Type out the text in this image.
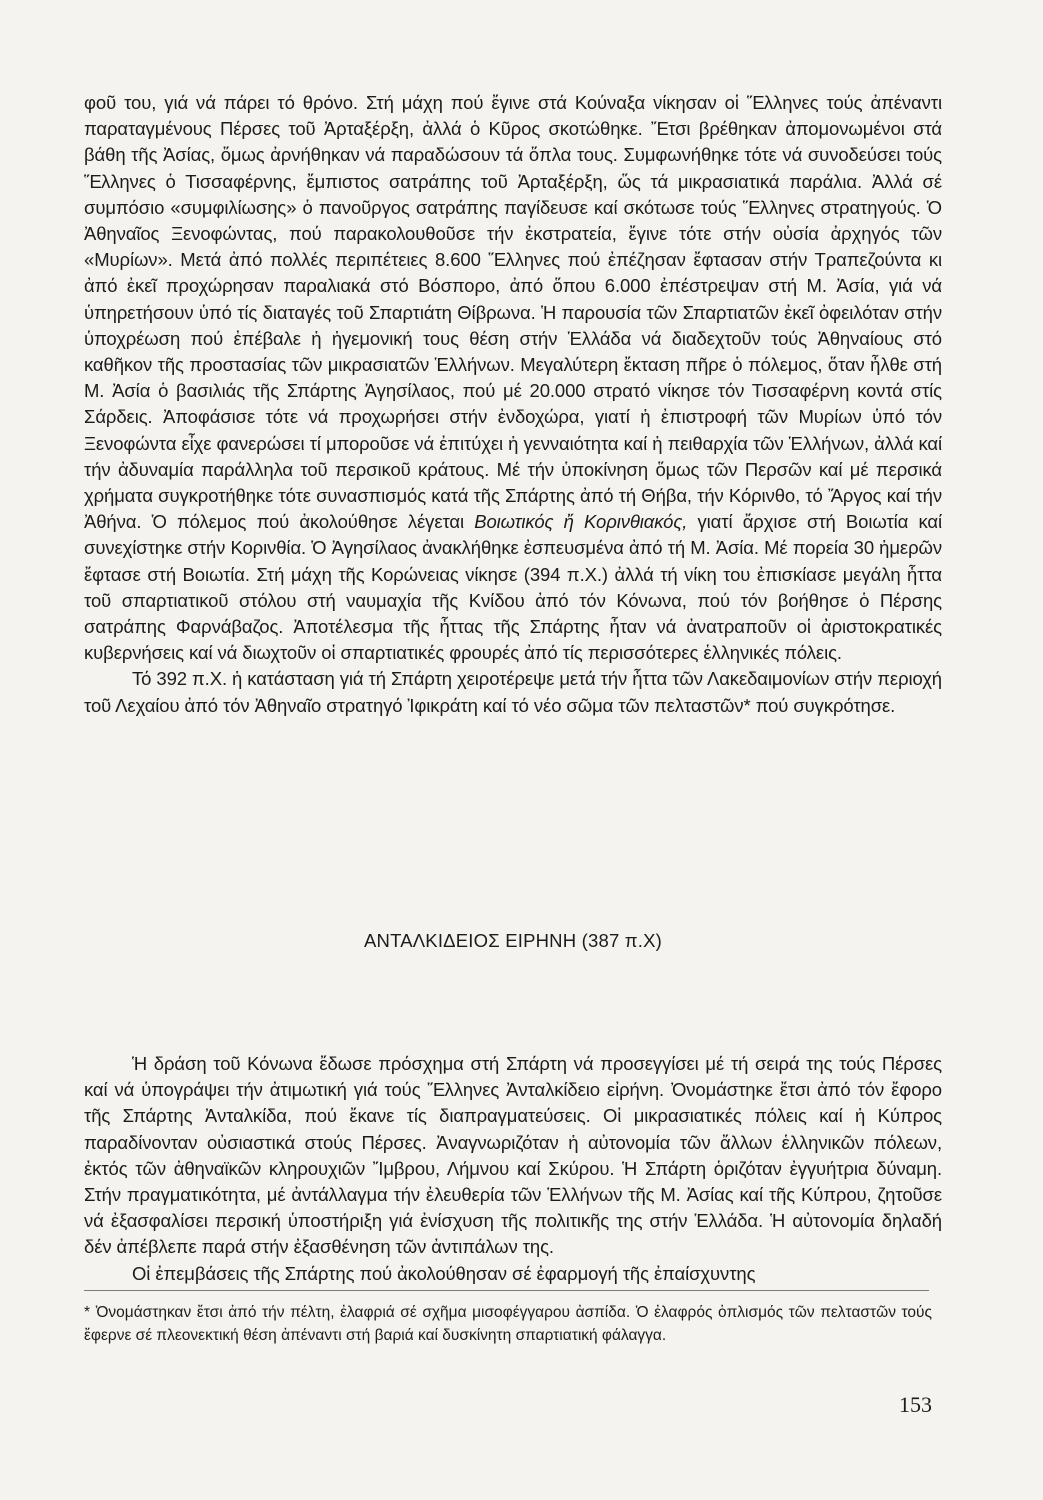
φοῦ του, γιά νά πάρει τό θρόνο. Στή μάχη πού ἔγινε στά Κούναξα νίκησαν οἱ Ἕλληνες τούς ἀπέναντι παραταγμένους Πέρσες τοῦ Ἀρταξέρξη, ἀλλά ὁ Κῦρος σκοτώθηκε. Ἔτσι βρέθηκαν ἀπομονωμένοι στά βάθη τῆς Ἀσίας, ὅμως ἀρνήθηκαν νά παραδώσουν τά ὅπλα τους. Συμφωνήθηκε τότε νά συνοδεύσει τούς Ἕλληνες ὁ Τισσαφέρνης, ἔμπιστος σατράπης τοῦ Ἀρταξέρξη, ὥς τά μικρασιατικά παράλια. Ἀλλά σέ συμπόσιο «συμφιλίωσης» ὁ πανοῦργος σατράπης παγίδευσε καί σκότωσε τούς Ἕλληνες στρατηγούς. Ὁ Ἀθηναῖος Ξενοφώντας, πού παρακολουθοῦσε τήν ἐκστρατεία, ἔγινε τότε στήν οὐσία ἀρχηγός τῶν «Μυρίων». Μετά ἀπό πολλές περιπέτειες 8.600 Ἕλληνες πού ἐπέζησαν ἔφτασαν στήν Τραπεζούντα κι ἀπό ἐκεῖ προχώρησαν παραλιακά στό Βόσπορο, ἀπό ὅπου 6.000 ἐπέστρεψαν στή Μ. Ἀσία, γιά νά ὑπηρετήσουν ὑπό τίς διαταγές τοῦ Σπαρτιάτη Θίβρωνα. Ἡ παρουσία τῶν Σπαρτιατῶν ἐκεῖ ὀφειλόταν στήν ὑποχρέωση πού ἐπέβαλε ἡ ἡγεμονική τους θέση στήν Ἑλλάδα νά διαδεχτοῦν τούς Ἀθηναίους στό καθῆκον τῆς προστασίας τῶν μικρασιατῶν Ἑλλήνων. Μεγαλύτερη ἔκταση πῆρε ὁ πόλεμος, ὅταν ἦλθε στή Μ. Ἀσία ὁ βασιλιάς τῆς Σπάρτης Ἀγησίλαος, πού μέ 20.000 στρατό νίκησε τόν Τισσαφέρνη κοντά στίς Σάρδεις. Ἀποφάσισε τότε νά προχωρήσει στήν ἐνδοχώρα, γιατί ἡ ἐπιστροφή τῶν Μυρίων ὑπό τόν Ξενοφώντα εἶχε φανερώσει τί μποροῦσε νά ἐπιτύχει ἡ γενναιότητα καί ἡ πειθαρχία τῶν Ἑλλήνων, ἀλλά καί τήν ἀδυναμία παράλληλα τοῦ περσικοῦ κράτους. Μέ τήν ὑποκίνηση ὅμως τῶν Περσῶν καί μέ περσικά χρήματα συγκροτήθηκε τότε συνασπισμός κατά τῆς Σπάρτης ἀπό τή Θήβα, τήν Κόρινθο, τό Ἄργος καί τήν Ἀθήνα. Ὁ πόλεμος πού ἀκολούθησε λέγεται Βοιωτικός ἤ Κορινθιακός, γιατί ἄρχισε στή Βοιωτία καί συνεχίστηκε στήν Κορινθία. Ὁ Ἀγησίλαος ἀνακλήθηκε ἐσπευσμένα ἀπό τή Μ. Ἀσία. Μέ πορεία 30 ἡμερῶν ἔφτασε στή Βοιωτία. Στή μάχη τῆς Κορώνειας νίκησε (394 π.Χ.) ἀλλά τή νίκη του ἐπισκίασε μεγάλη ἧττα τοῦ σπαρτιατικοῦ στόλου στή ναυμαχία τῆς Κνίδου ἀπό τόν Κόνωνα, πού τόν βοήθησε ὁ Πέρσης σατράπης Φαρνάβαζος. Ἀποτέλεσμα τῆς ἧττας τῆς Σπάρτης ἦταν νά ἀνατραποῦν οἱ ἀριστοκρατικές κυβερνήσεις καί νά διωχτοῦν οἱ σπαρτιατικές φρουρές ἀπό τίς περισσότερες ἑλληνικές πόλεις.

Τό 392 π.Χ. ἡ κατάσταση γιά τή Σπάρτη χειροτέρεψε μετά τήν ἧττα τῶν Λακεδαιμονίων στήν περιοχή τοῦ Λεχαίου ἀπό τόν Ἀθηναῖο στρατηγό Ἰφικράτη καί τό νέο σῶμα τῶν πελταστῶν* πού συγκρότησε.

ΑΝΤΑΛΚΙΔΕΙΟΣ ΕΙΡΗΝΗ (387 π.Χ)

Ἡ δράση τοῦ Κόνωνα ἔδωσε πρόσχημα στή Σπάρτη νά προσεγγίσει μέ τή σειρά της τούς Πέρσες καί νά ὑπογράψει τήν ἀτιμωτική γιά τούς Ἕλληνες Ἀνταλκίδειο εἰρήνη. Ὀνομάστηκε ἔτσι ἀπό τόν ἔφορο τῆς Σπάρτης Ἀνταλκίδα, πού ἔκανε τίς διαπραγματεύσεις. Οἱ μικρασιατικές πόλεις καί ἡ Κύπρος παραδίνονταν οὐσιαστικά στούς Πέρσες. Ἀναγνωριζόταν ἡ αὐτονομία τῶν ἄλλων ἑλληνικῶν πόλεων, ἐκτός τῶν ἀθηναϊκῶν κληρουχιῶν Ἴμβρου, Λήμνου καί Σκύρου. Ἡ Σπάρτη ὁριζόταν ἐγγυήτρια δύναμη. Στήν πραγματικότητα, μέ ἀντάλλαγμα τήν ἐλευθερία τῶν Ἑλλήνων τῆς Μ. Ἀσίας καί τῆς Κύπρου, ζητοῦσε νά ἐξασφαλίσει περσική ὑποστήριξη γιά ἐνίσχυση τῆς πολιτικῆς της στήν Ἑλλάδα. Ἡ αὐτονομία δηλαδή δέν ἀπέβλεπε παρά στήν ἐξασθένηση τῶν ἀντιπάλων της.

Οἱ ἐπεμβάσεις τῆς Σπάρτης πού ἀκολούθησαν σέ ἐφαρμογή τῆς ἐπαίσχυντης

* Ὀνομάστηκαν ἔτσι ἀπό τήν πέλτη, ἐλαφριά σέ σχῆμα μισοφέγγαρου ἀσπίδα. Ὁ ἐλαφρός ὁπλισμός τῶν πελταστῶν τούς ἔφερνε σέ πλεονεκτική θέση ἀπέναντι στή βαριά καί δυσκίνητη σπαρτιατική φάλαγγα.

153
